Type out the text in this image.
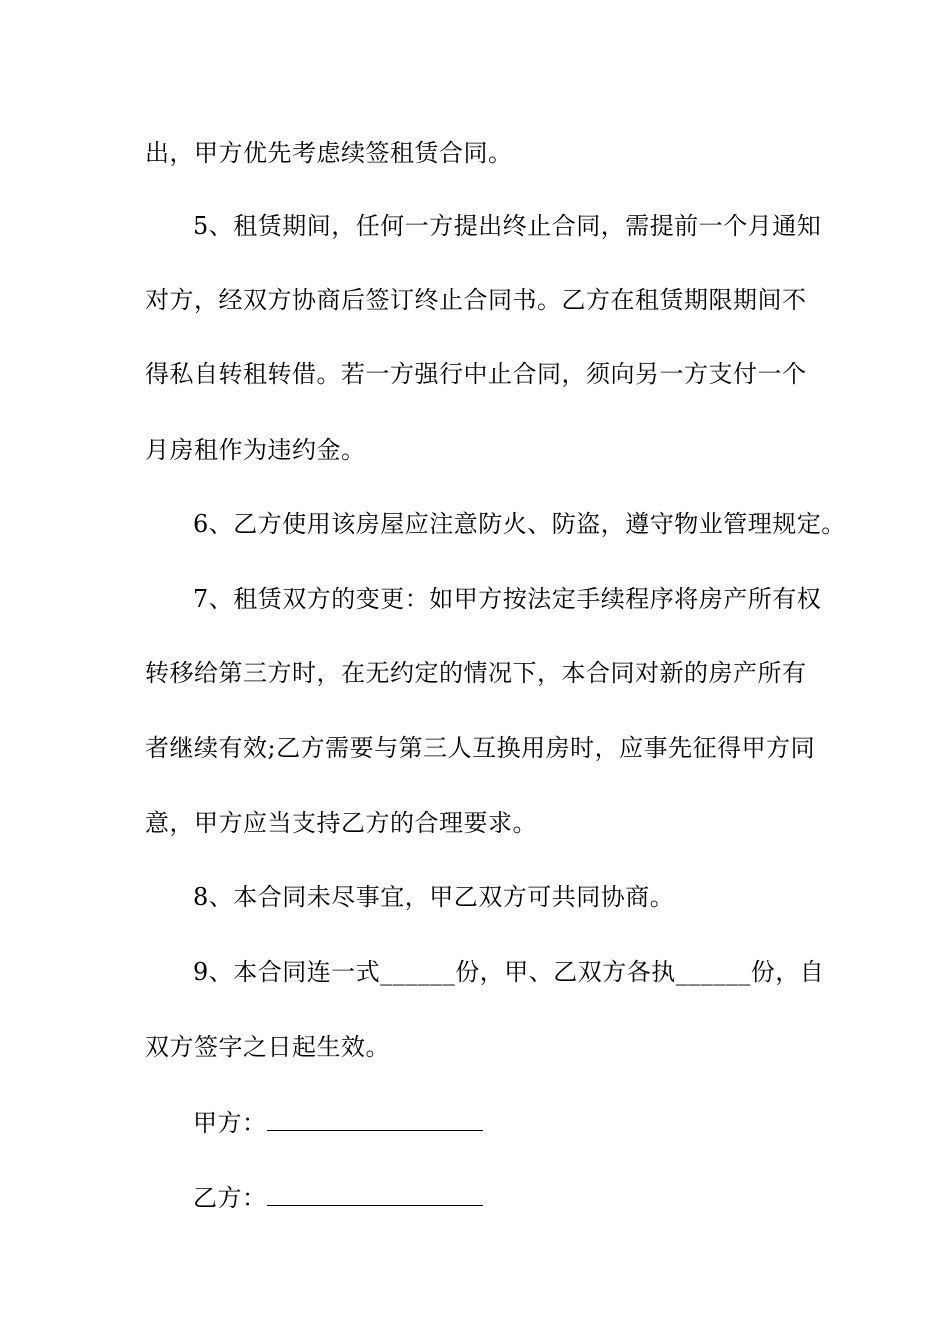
出，甲方优先考虑续签租赁合同。
5、租赁期间，任何一方提出终止合同，需提前一个月通知
对方，经双方协商后签订终止合同书。乙方在租赁期限期间不
得私自转租转借。若一方强行中止合同，须向另一方支付一个
月房租作为违约金。
6、乙方使用该房屋应注意防火、防盗，遵守物业管理规定。
7、租赁双方的变更：如甲方按法定手续程序将房产所有权
转移给第三方时，在无约定的情况下，本合同对新的房产所有
者继续有效;乙方需要与第三人互换用房时，应事先征得甲方同
意，甲方应当支持乙方的合理要求。
8、本合同未尽事宜，甲乙双方可共同协商。
9、本合同连一式______份，甲、乙双方各执______份，自
双方签字之日起生效。
甲方：
乙方：
